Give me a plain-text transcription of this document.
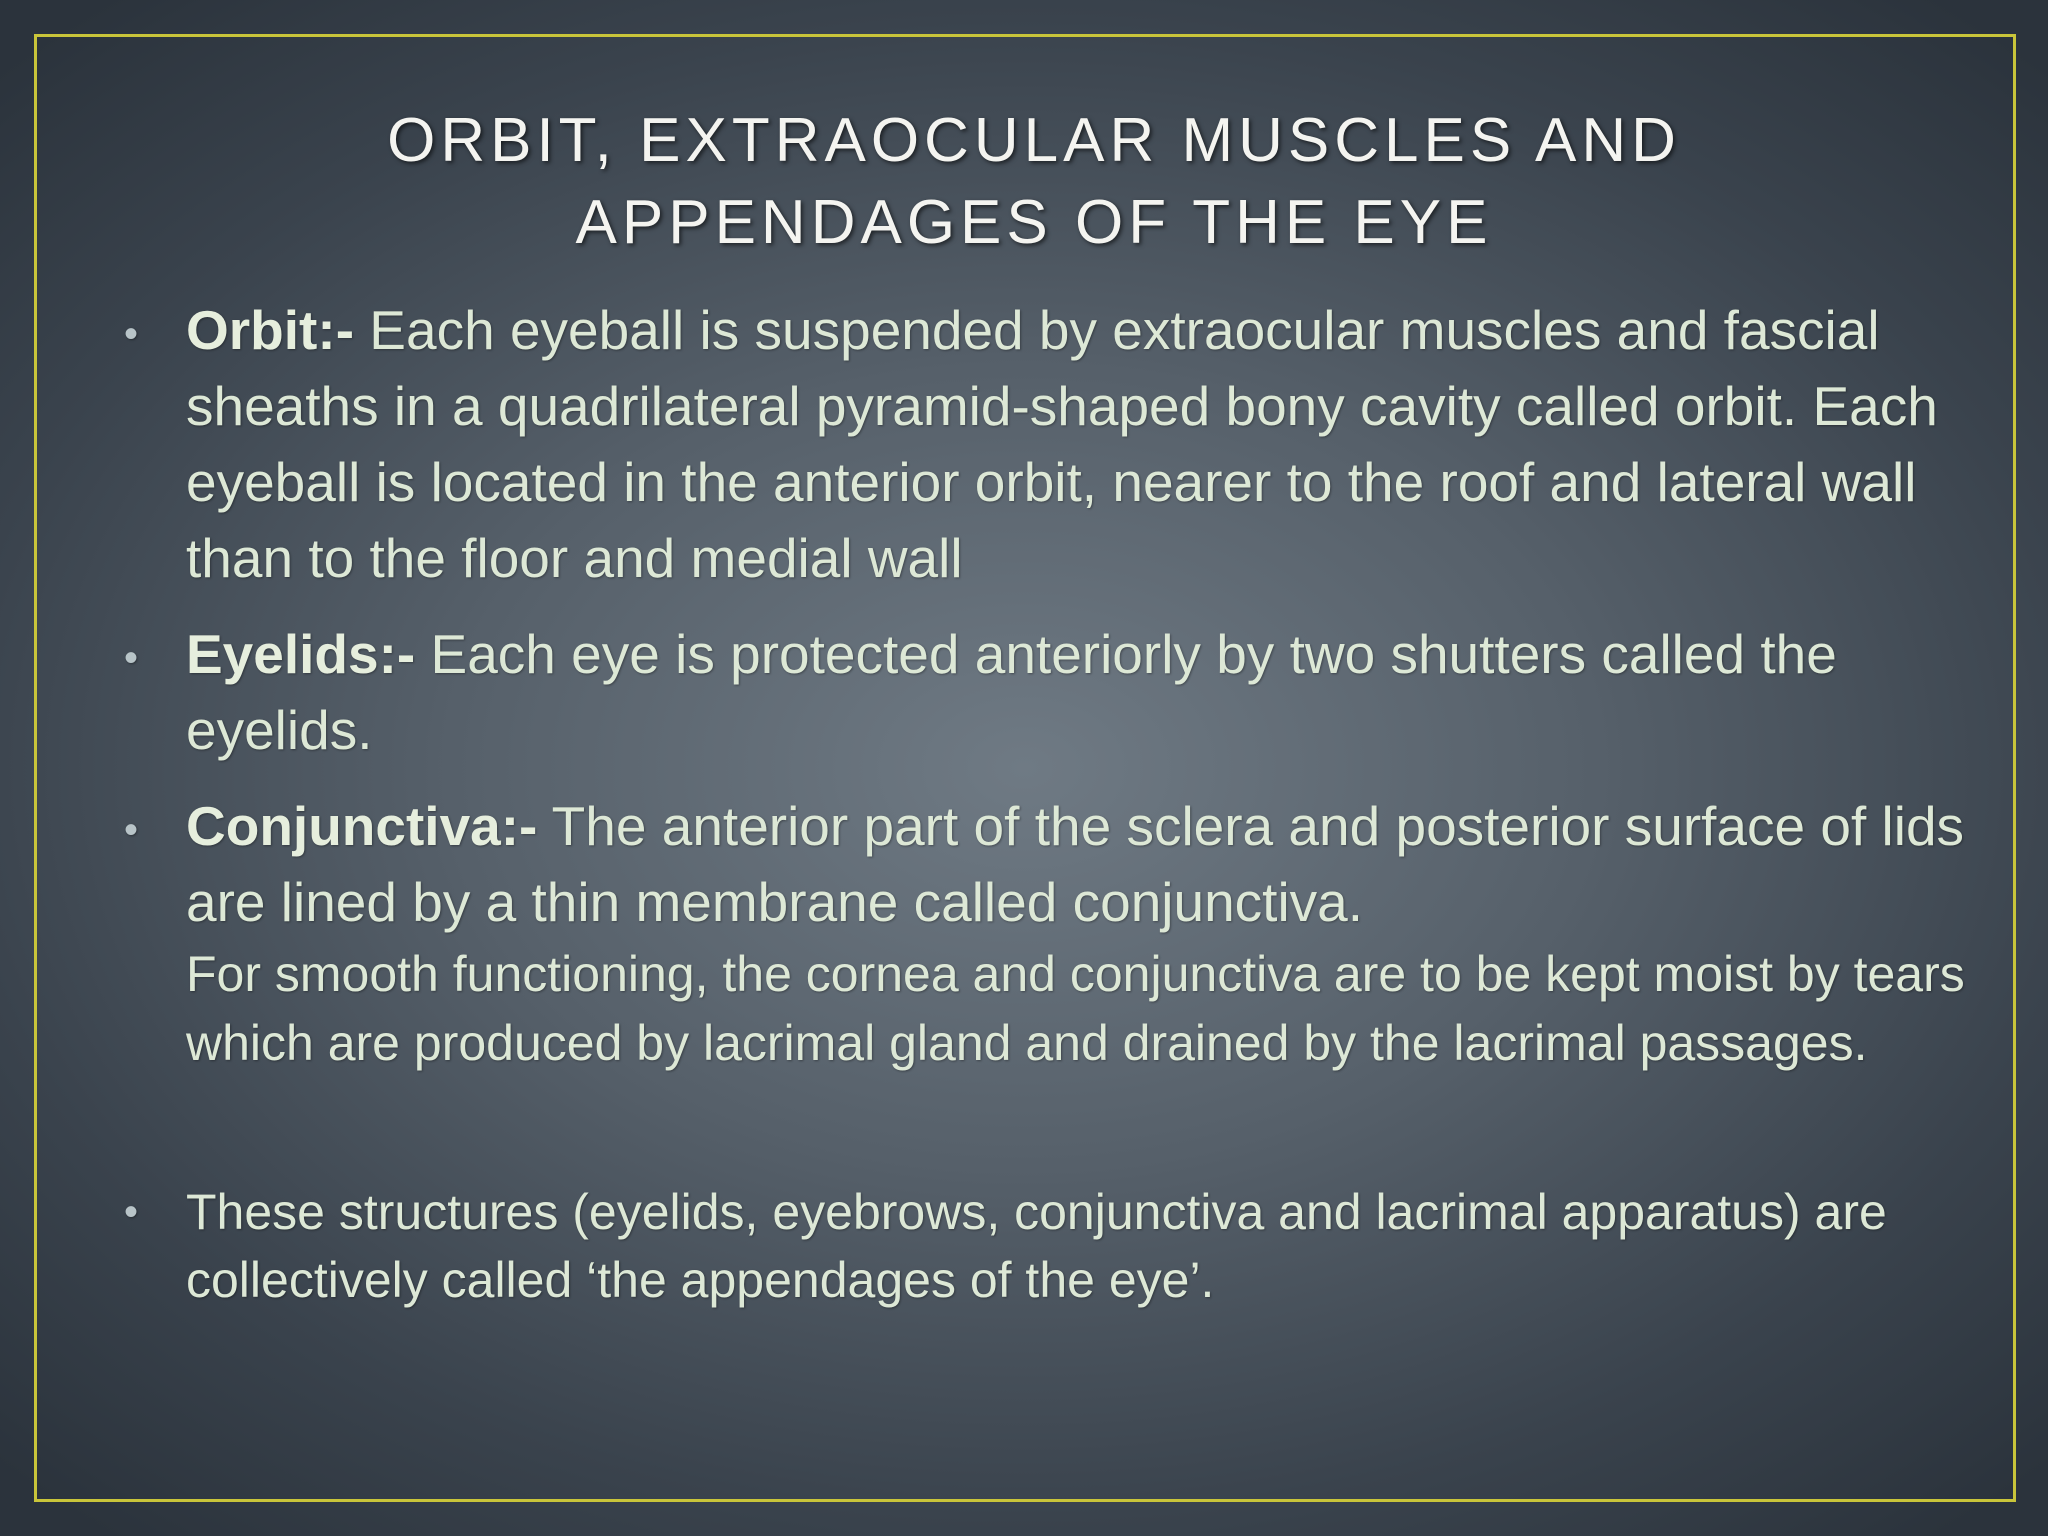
ORBIT, EXTRAOCULAR MUSCLES AND
APPENDAGES OF THE EYE
• Orbit:- Each eyeball is suspended by extraocular muscles and fascial sheaths in a quadrilateral pyramid-shaped bony cavity called orbit. Each eyeball is located in the anterior orbit, nearer to the roof and lateral wall than to the floor and medial wall
• Eyelids:- Each eye is protected anteriorly by two shutters called the eyelids.
• Conjunctiva:- The anterior part of the sclera and posterior surface of lids are lined by a thin membrane called conjunctiva.
For smooth functioning, the cornea and conjunctiva are to be kept moist by tears which are produced by lacrimal gland and drained by the lacrimal passages.
• These structures (eyelids, eyebrows, conjunctiva and lacrimal apparatus) are collectively called ‘the appendages of the eye’.
